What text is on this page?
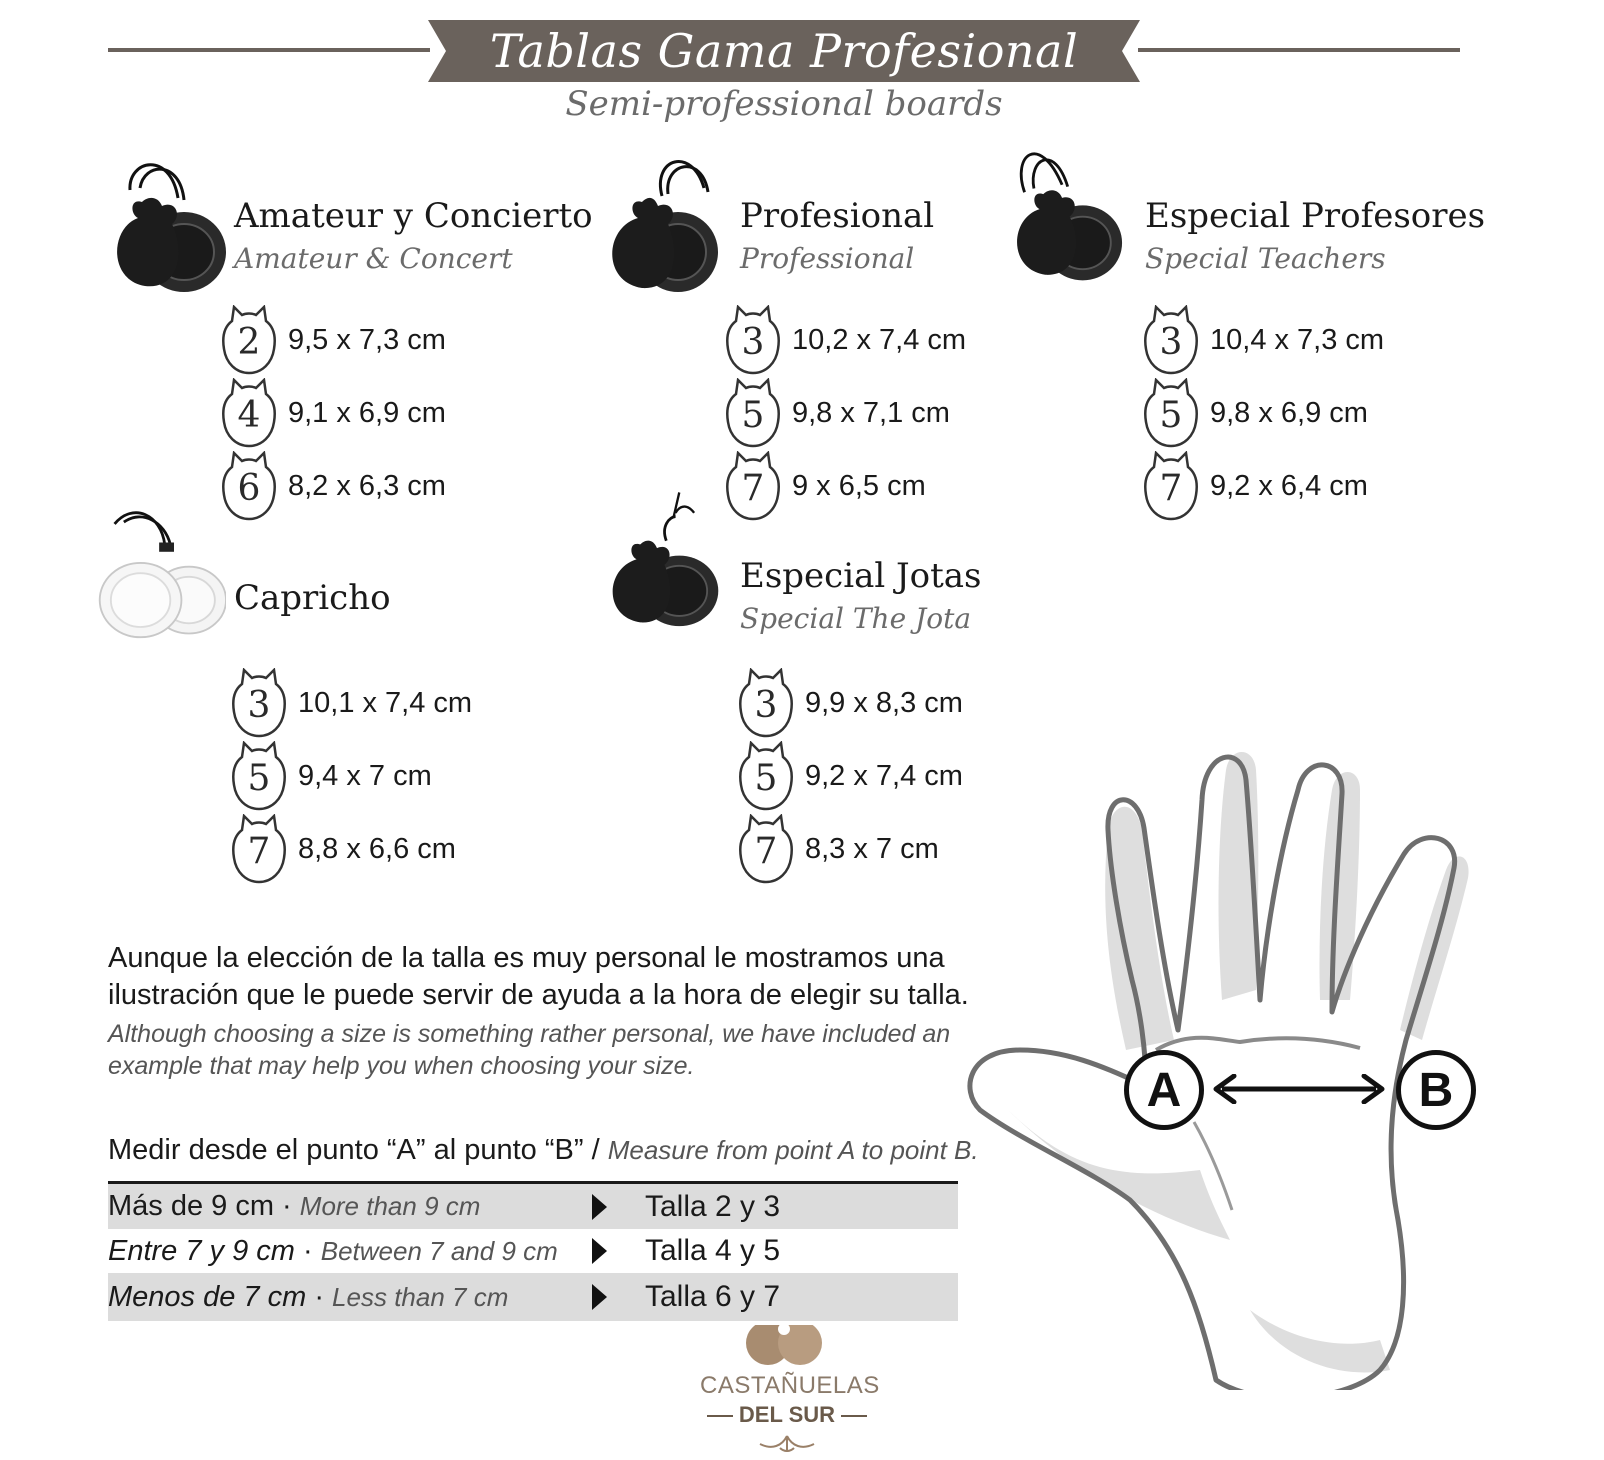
Tablas Gama Profesional
Semi-professional boards
Amateur y Concierto
Amateur & Concert
2 9,5 x 7,3 cm
4 9,1 x 6,9 cm
6 8,2 x 6,3 cm
Profesional
Professional
3 10,2 x 7,4 cm
5 9,8 x 7,1 cm
7 9 x 6,5 cm
Especial Profesores
Special Teachers
3 10,4 x 7,3 cm
5 9,8 x 6,9 cm
7 9,2 x 6,4 cm
Capricho
3 10,1 x 7,4 cm
5 9,4 x 7 cm
7 8,8 x 6,6 cm
Especial Jotas
Special The Jota
3 9,9 x 8,3 cm
5 9,2 x 7,4 cm
7 8,3 x 7 cm
Aunque la elección de la talla es muy personal le mostramos una ilustración que le puede servir de ayuda a la hora de elegir su talla.
Although choosing a size is something rather personal, we have included an example that may help you when choosing your size.
Medir desde el punto “A” al punto “B” / Measure from point A to point B.
Más de 9 cm · More than 9 cm	Talla 2 y 3
Entre 7 y 9 cm · Between 7 and 9 cm	Talla 4 y 5
Menos de 7 cm · Less than 7 cm	Talla 6 y 7
CASTAÑUELAS
DEL SUR
A	B
